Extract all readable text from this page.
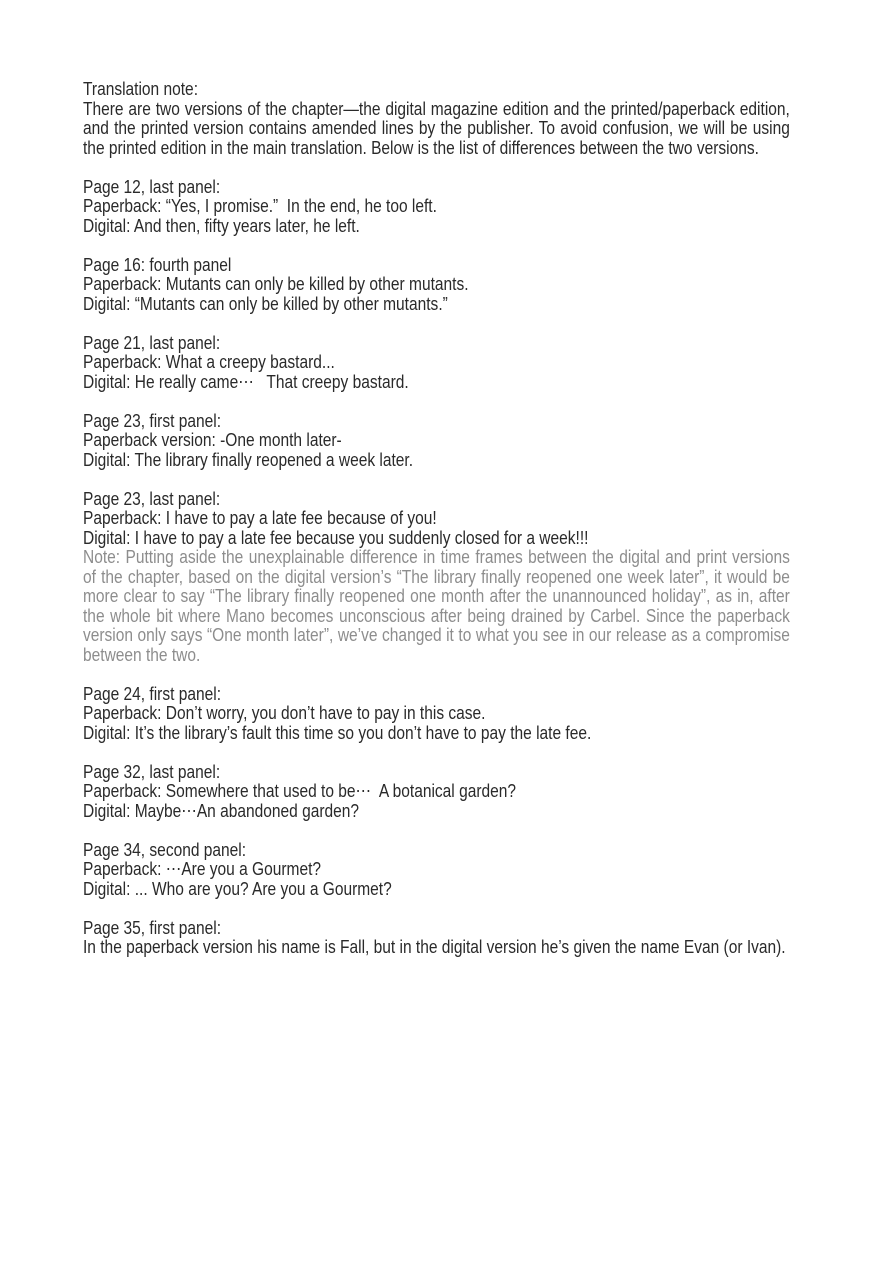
Translation note:
There are two versions of the chapter—the digital magazine edition and the printed/paperback edition, and the printed version contains amended lines by the publisher. To avoid confusion, we will be using the printed edition in the main translation. Below is the list of differences between the two versions.
Page 12, last panel:
Paperback: “Yes, I promise.”  In the end, he too left.
Digital: And then, fifty years later, he left.
Page 16: fourth panel
Paperback: Mutants can only be killed by other mutants.
Digital: “Mutants can only be killed by other mutants.”
Page 21, last panel:
Paperback: What a creepy bastard...
Digital: He really came⋯   That creepy bastard.
Page 23, first panel:
Paperback version: -One month later-
Digital: The library finally reopened a week later.
Page 23, last panel:
Paperback: I have to pay a late fee because of you!
Digital: I have to pay a late fee because you suddenly closed for a week!!!
Note: Putting aside the unexplainable difference in time frames between the digital and print versions of the chapter, based on the digital version’s “The library finally reopened one week later”, it would be more clear to say “The library finally reopened one month after the unannounced holiday”, as in, after the whole bit where Mano becomes unconscious after being drained by Carbel. Since the paperback version only says “One month later”, we’ve changed it to what you see in our release as a compromise between the two.
Page 24, first panel:
Paperback: Don’t worry, you don’t have to pay in this case.
Digital: It’s the library’s fault this time so you don’t have to pay the late fee.
Page 32, last panel:
Paperback: Somewhere that used to be⋯  A botanical garden?
Digital: Maybe⋯An abandoned garden?
Page 34, second panel:
Paperback: ⋯Are you a Gourmet?
Digital: ... Who are you? Are you a Gourmet?
Page 35, first panel:
In the paperback version his name is Fall, but in the digital version he’s given the name Evan (or Ivan).
